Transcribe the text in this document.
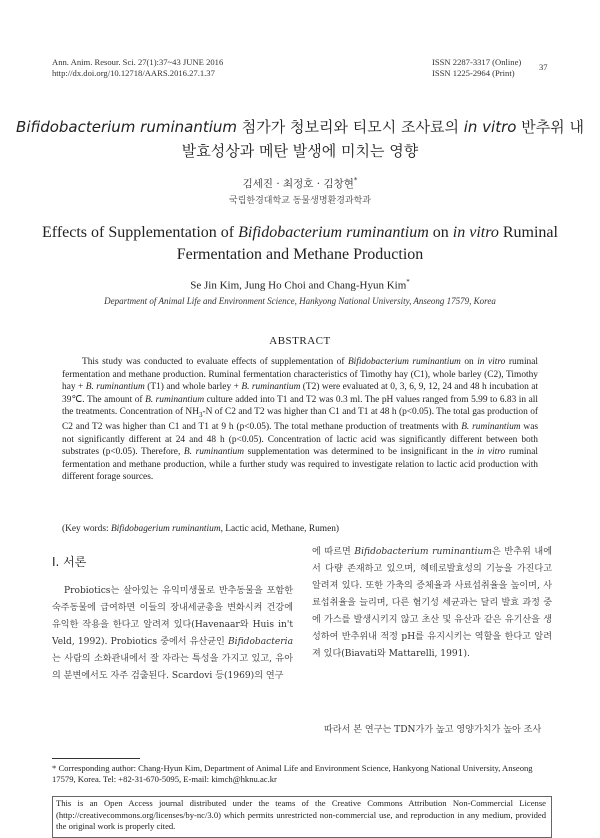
Ann. Anim. Resour. Sci. 27(1):37~43 JUNE 2016
http://dx.doi.org/10.12718/AARS.2016.27.1.37
ISSN 2287-3317 (Online)
ISSN 1225-2964 (Print)
37
Bifidobacterium ruminantium 첨가가 청보리와 티모시 조사료의 in vitro 반추위 내
발효성상과 메탄 발생에 미치는 영향
김세진 · 최정호 · 김창현*
국립한경대학교 동물생명환경과학과
Effects of Supplementation of Bifidobacterium ruminantium on in vitro Ruminal
Fermentation and Methane Production
Se Jin Kim, Jung Ho Choi and Chang-Hyun Kim*
Department of Animal Life and Environment Science, Hankyong National University, Anseong 17579, Korea
ABSTRACT
This study was conducted to evaluate effects of supplementation of Bifidobacterium ruminantium on in vitro ruminal fermentation and methane production. Ruminal fermentation characteristics of Timothy hay (C1), whole barley (C2), Timothy hay + B. ruminantium (T1) and whole barley + B. ruminantium (T2) were evaluated at 0, 3, 6, 9, 12, 24 and 48 h incubation at 39℃. The amount of B. ruminantium culture added into T1 and T2 was 0.3 ml. The pH values ranged from 5.99 to 6.83 in all the treatments. Concentration of $NH_3-N$ of C2 and T2 was higher than C1 and T1 at 48 h (p<0.05). The total gas production of C2 and T2 was higher than C1 and T1 at 9 h (p<0.05). The total methane production of treatments with B. ruminantium was not significantly different at 24 and 48 h (p<0.05). Concentration of lactic acid was significantly different between both substrates (p<0.05). Therefore, B. ruminantium supplementation was determined to be insignificant in the in vitro ruminal fermentation and methane production, while a further study was required to investigate relation to lactic acid production with different forage sources.
(Key words: Bifidobagerium ruminantium, Lactic acid, Methane, Rumen)
Ⅰ. 서론
Probiotics는 살아있는 유익미생물로 반추동물을 포함한 숙주동물에 급여하면 이들의 장내세균총을 변화시켜 건강에 유익한 작용을 한다고 알려져 있다(Havenaar와 Huis in't Veld, 1992). Probiotics 중에서 유산균인 Bifidobacteria는 사람의 소화관내에서 잘 자라는 특성을 가지고 있고, 유아의 분변에서도 자주 검출된다. Scardovi 등(1969)의 연구
에 따르면 Bifidobacterium ruminantium은 반추위 내에서 다량 존재하고 있으며, 혜테로발효성의 기능을 가진다고 알려져 있다. 또한 가축의 증체율과 사료섭취율을 높이며, 사료섭취율을 늘리며, 다른 혐기성 세균과는 달리 발효 과정 중에 가스를 발생시키지 않고 초산 및 유산과 같은 유기산을 생성하여 반추위내 적정 pH를 유지시키는 역할을 한다고 알려져 있다(Biavati와 Mattarelli, 1991).
따라서 본 연구는 TDN가가 높고 영양가치가 높아 조사
* Corresponding author: Chang-Hyun Kim, Department of Animal Life and Environment Science, Hankyong National University, Anseong 17579, Korea. Tel: +82-31-670-5095, E-mail: kimch@hknu.ac.kr
This is an Open Access journal distributed under the teams of the Creative Commons Attribution Non-Commercial License (http://creativecommons.org/licenses/by-nc/3.0) which permits unrestricted non-commercial use, and reproduction in any medium, provided the original work is properly cited.
